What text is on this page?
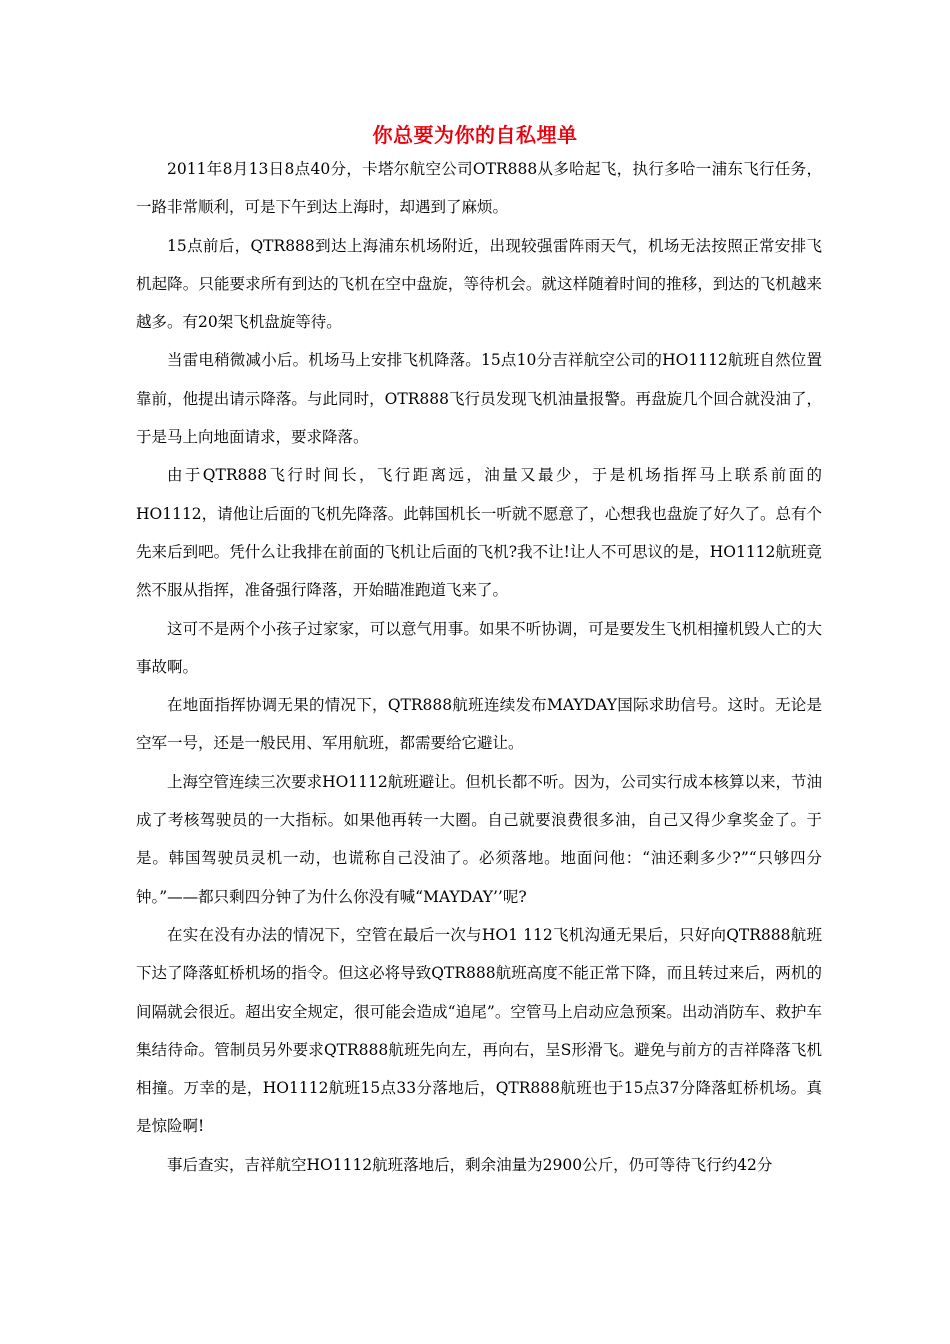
你总要为你的自私埋单

2011年8月13日8点40分，卡塔尔航空公司OTR888从多哈起飞，执行多哈一浦东飞行任务，一路非常顺利，可是下午到达上海时，却遇到了麻烦。

15点前后，QTR888到达上海浦东机场附近，出现较强雷阵雨天气，机场无法按照正常安排飞机起降。只能要求所有到达的飞机在空中盘旋，等待机会。就这样随着时间的推移，到达的飞机越来越多。有20架飞机盘旋等待。

当雷电稍微减小后。机场马上安排飞机降落。15点10分吉祥航空公司的HO1112航班自然位置靠前，他提出请示降落。与此同时，OTR888飞行员发现飞机油量报警。再盘旋几个回合就没油了，于是马上向地面请求，要求降落。

由于QTR888飞行时间长，飞行距离远，油量又最少，于是机场指挥马上联系前面的HO1112，请他让后面的飞机先降落。此韩国机长一听就不愿意了，心想我也盘旋了好久了。总有个先来后到吧。凭什么让我排在前面的飞机让后面的飞机?我不让!让人不可思议的是，HO1112航班竟然不服从指挥，准备强行降落，开始瞄准跑道飞来了。

这可不是两个小孩子过家家，可以意气用事。如果不听协调，可是要发生飞机相撞机毁人亡的大事故啊。

在地面指挥协调无果的情况下，QTR888航班连续发布MAYDAY国际求助信号。这时。无论是空军一号，还是一般民用、军用航班，都需要给它避让。

上海空管连续三次要求HO1112航班避让。但机长都不听。因为，公司实行成本核算以来，节油成了考核驾驶员的一大指标。如果他再转一大圈。自己就要浪费很多油，自己又得少拿奖金了。于是。韩国驾驶员灵机一动，也谎称自己没油了。必须落地。地面问他：“油还剩多少?”“只够四分钟。”——都只剩四分钟了为什么你没有喊“MAYDAY’’呢?

在实在没有办法的情况下，空管在最后一次与HO1 112飞机沟通无果后，只好向QTR888航班下达了降落虹桥机场的指令。但这必将导致QTR888航班高度不能正常下降，而且转过来后，两机的间隔就会很近。超出安全规定，很可能会造成“追尾”。空管马上启动应急预案。出动消防车、救护车集结待命。管制员另外要求QTR888航班先向左，再向右，呈S形滑飞。避免与前方的吉祥降落飞机相撞。万幸的是，HO1112航班15点33分落地后，QTR888航班也于15点37分降落虹桥机场。真是惊险啊!

事后查实，吉祥航空HO1112航班落地后，剩余油量为2900公斤，仍可等待飞行约42分
